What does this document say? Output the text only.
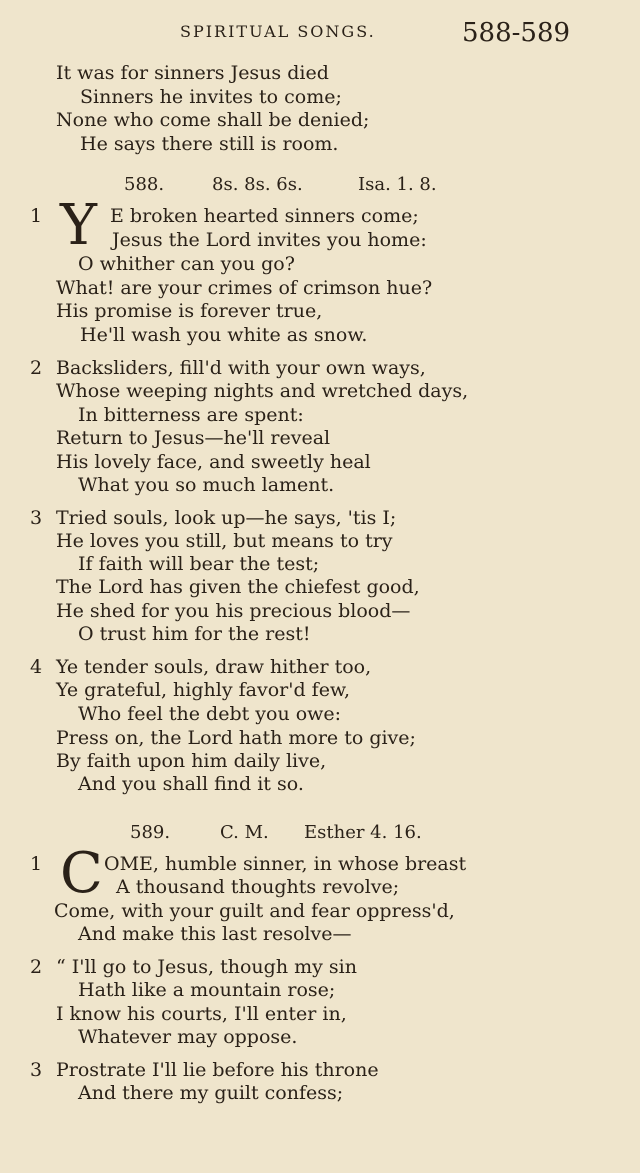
SPIRITUAL SONGS.	588-589
It was for sinners Jesus died
Sinners he invites to come;
None who come shall be denied;
He says there still is room.
588.	8s. 8s. 6s.	Isa. 1. 8.
1 Y E broken hearted sinners come;
Jesus the Lord invites you home:
O whither can you go?
What! are your crimes of crimson hue?
His promise is forever true,
He'll wash you white as snow.
2 Backsliders, fill'd with your own ways,
Whose weeping nights and wretched days,
In bitterness are spent:
Return to Jesus—he'll reveal
His lovely face, and sweetly heal
What you so much lament.
3 Tried souls, look up—he says, 'tis I;
He loves you still, but means to try
If faith will bear the test;
The Lord has given the chiefest good,
He shed for you his precious blood—
O trust him for the rest!
4 Ye tender souls, draw hither too,
Ye grateful, highly favor'd few,
Who feel the debt you owe:
Press on, the Lord hath more to give;
By faith upon him daily live,
And you shall find it so.
589.	C. M. Esther 4. 16.
1 C OME, humble sinner, in whose breast
A thousand thoughts revolve;
Come, with your guilt and fear oppress'd,
And make this last resolve—
2 “ I'll go to Jesus, though my sin
Hath like a mountain rose;
I know his courts, I'll enter in,
Whatever may oppose.
3 Prostrate I'll lie before his throne
And there my guilt confess;
